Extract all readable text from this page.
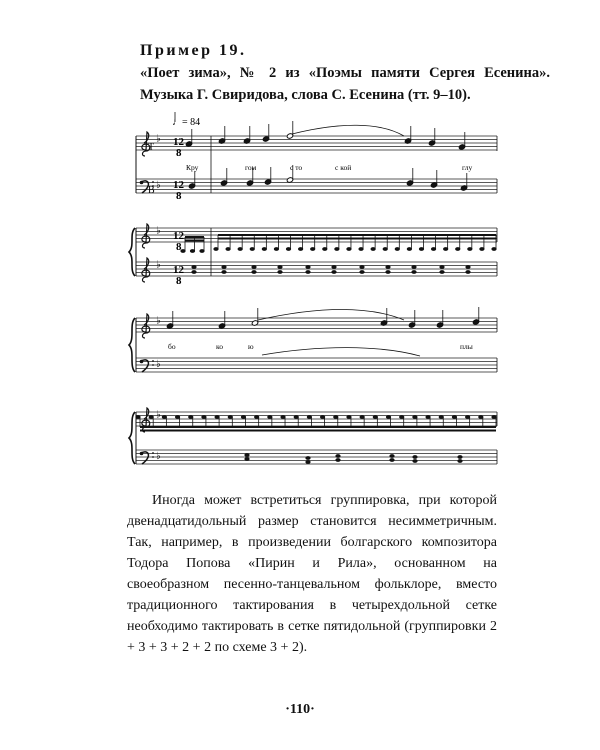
Пример 19.
«Поет зима», № 2 из «Поэмы памяти Сергея Есенина». Музыка Г. Свиридова, слова С. Есенина (тт. 9–10).
♭
♭
♭
♭
♭
♭
♭
♭
♩= 84
Т
В
12
8
12
8
12
8
12
8
Кру	гом	с то	с кой	глу
бо	ко	ю	плы

Иногда может встретиться группировка, при которой двенадцатидольный размер становится несимметричным. Так, например, в произведении болгарского композитора Тодора Попова «Пирин и Рила», основанном на своеобразном песенно-танцевальном фольклоре, вместо традиционного тактирования в четырехдольной сетке необходимо тактировать в сетке пятидольной (группировки 2 + 3 + 3 + 2 + 2 по схеме 3 + 2).

·110·
